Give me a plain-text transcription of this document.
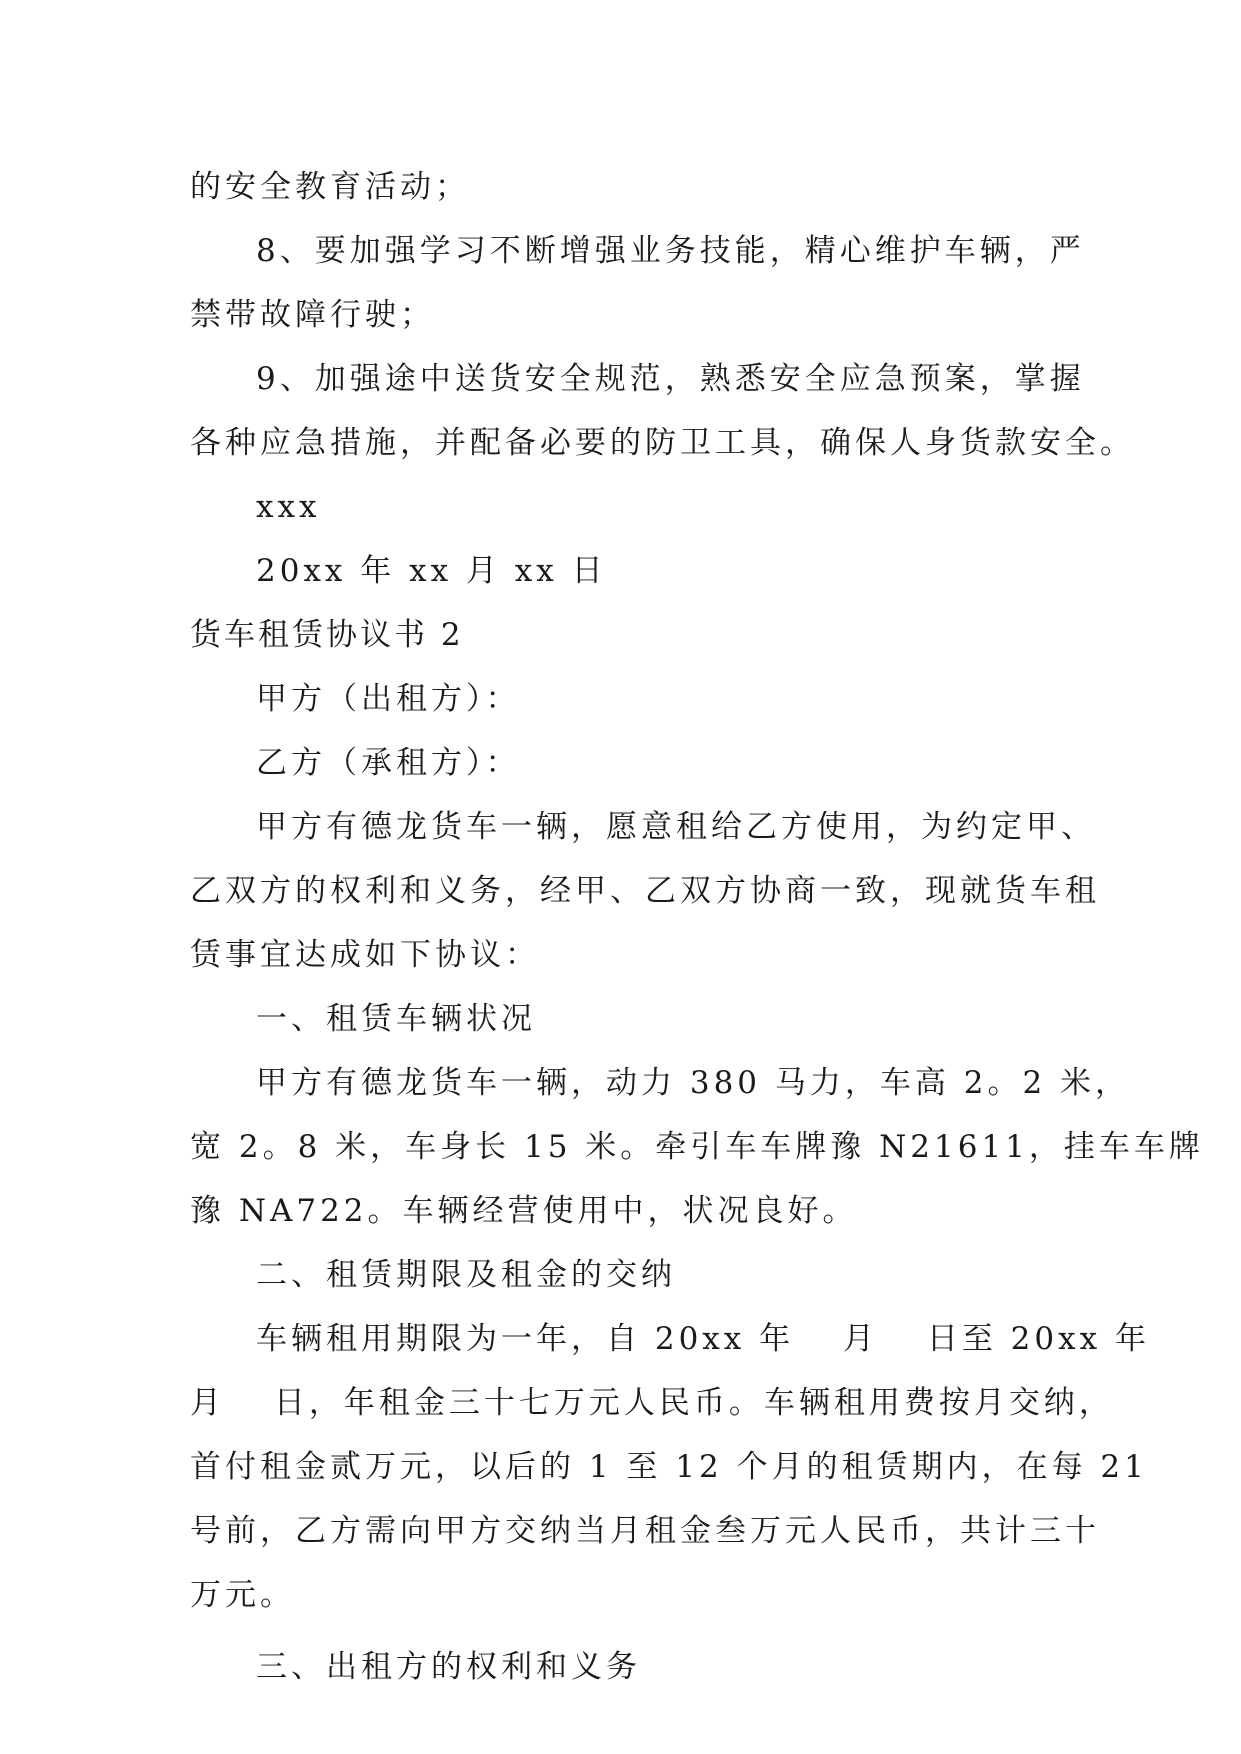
的安全教育活动；

8、要加强学习不断增强业务技能，精心维护车辆，严

禁带故障行驶；

9、加强途中送货安全规范，熟悉安全应急预案，掌握

各种应急措施，并配备必要的防卫工具，确保人身货款安全。

xxx

20xx 年 xx 月 xx 日

货车租赁协议书 2

甲方（出租方）：

乙方（承租方）：

甲方有德龙货车一辆，愿意租给乙方使用，为约定甲、

乙双方的权利和义务，经甲、乙双方协商一致，现就货车租

赁事宜达成如下协议：

一、租赁车辆状况

甲方有德龙货车一辆，动力 380 马力，车高 2。2 米，

宽 2。8 米，车身长 15 米。牵引车车牌豫 N21611，挂车车牌

豫 NA722。车辆经营使用中，状况良好。

二、租赁期限及租金的交纳

车辆租用期限为一年，自 20xx 年　 月　 日至 20xx 年

月　 日，年租金三十七万元人民币。车辆租用费按月交纳，

首付租金贰万元，以后的 1 至 12 个月的租赁期内，在每 21

号前，乙方需向甲方交纳当月租金叁万元人民币，共计三十

万元。

三、出租方的权利和义务
